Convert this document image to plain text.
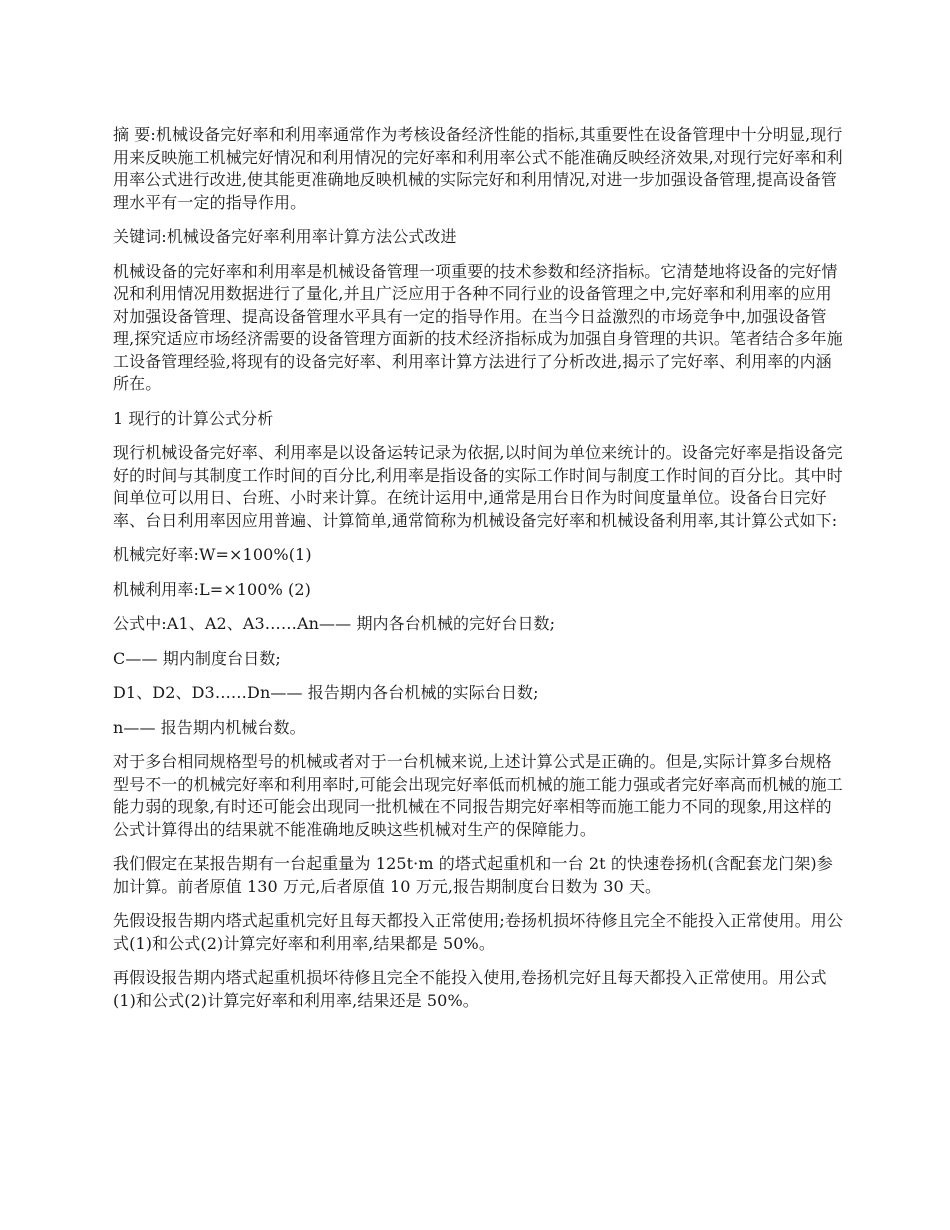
摘 要:机械设备完好率和利用率通常作为考核设备经济性能的指标,其重要性在设备管理中十分明显,现行用来反映施工机械完好情况和利用情况的完好率和利用率公式不能准确反映经济效果,对现行完好率和利用率公式进行改进,使其能更准确地反映机械的实际完好和利用情况,对进一步加强设备管理,提高设备管理水平有一定的指导作用。

关键词:机械设备完好率利用率计算方法公式改进

机械设备的完好率和利用率是机械设备管理一项重要的技术参数和经济指标。它清楚地将设备的完好情况和利用情况用数据进行了量化,并且广泛应用于各种不同行业的设备管理之中,完好率和利用率的应用对加强设备管理、提高设备管理水平具有一定的指导作用。在当今日益激烈的市场竞争中,加强设备管理,探究适应市场经济需要的设备管理方面新的技术经济指标成为加强自身管理的共识。笔者结合多年施工设备管理经验,将现有的设备完好率、利用率计算方法进行了分析改进,揭示了完好率、利用率的内涵所在。

1 现行的计算公式分析

现行机械设备完好率、利用率是以设备运转记录为依据,以时间为单位来统计的。设备完好率是指设备完好的时间与其制度工作时间的百分比,利用率是指设备的实际工作时间与制度工作时间的百分比。其中时间单位可以用日、台班、小时来计算。在统计运用中,通常是用台日作为时间度量单位。设备台日完好率、台日利用率因应用普遍、计算简单,通常简称为机械设备完好率和机械设备利用率,其计算公式如下:

机械完好率:W=×100%(1)

机械利用率:L=×100% (2)

公式中:A1、A2、A3……An—— 期内各台机械的完好台日数;

C—— 期内制度台日数;

D1、D2、D3……Dn—— 报告期内各台机械的实际台日数;

n—— 报告期内机械台数。

对于多台相同规格型号的机械或者对于一台机械来说,上述计算公式是正确的。但是,实际计算多台规格型号不一的机械完好率和利用率时,可能会出现完好率低而机械的施工能力强或者完好率高而机械的施工能力弱的现象,有时还可能会出现同一批机械在不同报告期完好率相等而施工能力不同的现象,用这样的公式计算得出的结果就不能准确地反映这些机械对生产的保障能力。

我们假定在某报告期有一台起重量为 125t·m 的塔式起重机和一台 2t 的快速卷扬机(含配套龙门架)参加计算。前者原值 130 万元,后者原值 10 万元,报告期制度台日数为 30 天。

先假设报告期内塔式起重机完好且每天都投入正常使用;卷扬机损坏待修且完全不能投入正常使用。用公式(1)和公式(2)计算完好率和利用率,结果都是 50%。

再假设报告期内塔式起重机损坏待修且完全不能投入使用,卷扬机完好且每天都投入正常使用。用公式(1)和公式(2)计算完好率和利用率,结果还是 50%。
